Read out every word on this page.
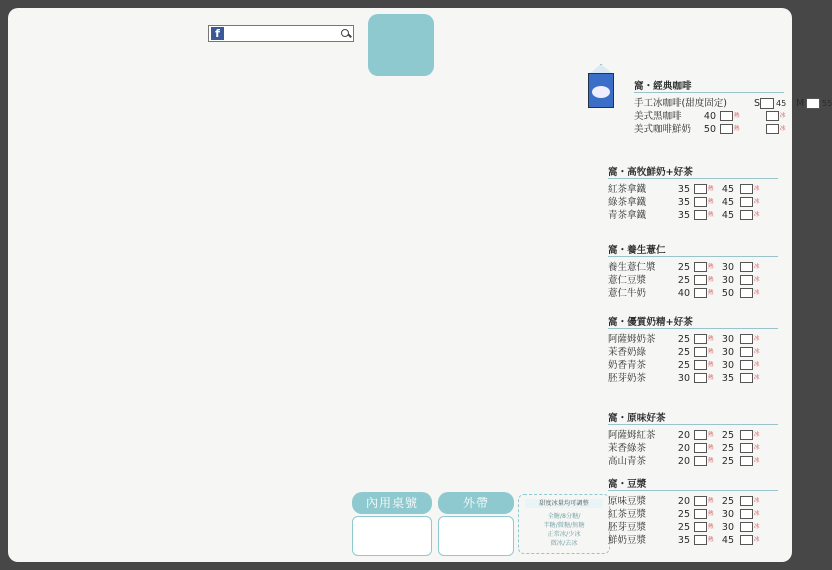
f
內用桌號	外帶	甜度冰量均可調整
全糖/8分糖/
半糖/微糖/無糖
正常冰/少冰
微冰/去冰
窩・經典咖啡
手工冰咖啡(甜度固定)	S 45 M 55
美式黑咖啡	40	熱	冰
美式咖啡鮮奶	50	熱	冰
窩・高牧鮮奶+好茶
紅茶拿鐵	35	熱 45	冰
綠茶拿鐵	35	熱 45	冰
青茶拿鐵	35	熱 45	冰
窩・養生薏仁
養生薏仁漿	25	熱 30	冰
薏仁豆漿	25	熱 30	冰
薏仁牛奶	40	熱 50	冰
窩・優質奶精+好茶
阿薩姆奶茶	25	熱 30	冰
茉香奶綠	25	熱 30	冰
奶香青茶	25	熱 30	冰
胚芽奶茶	30	熱 35	冰
窩・原味好茶
阿薩姆紅茶	20	熱 25	冰
茉香綠茶	20	熱 25	冰
高山青茶	20	熱 25	冰
窩・豆漿
原味豆漿	20	熱 25	冰
紅茶豆漿	25	熱 30	冰
胚芽豆漿	25	熱 30	冰
鮮奶豆漿	35	熱 45	冰
